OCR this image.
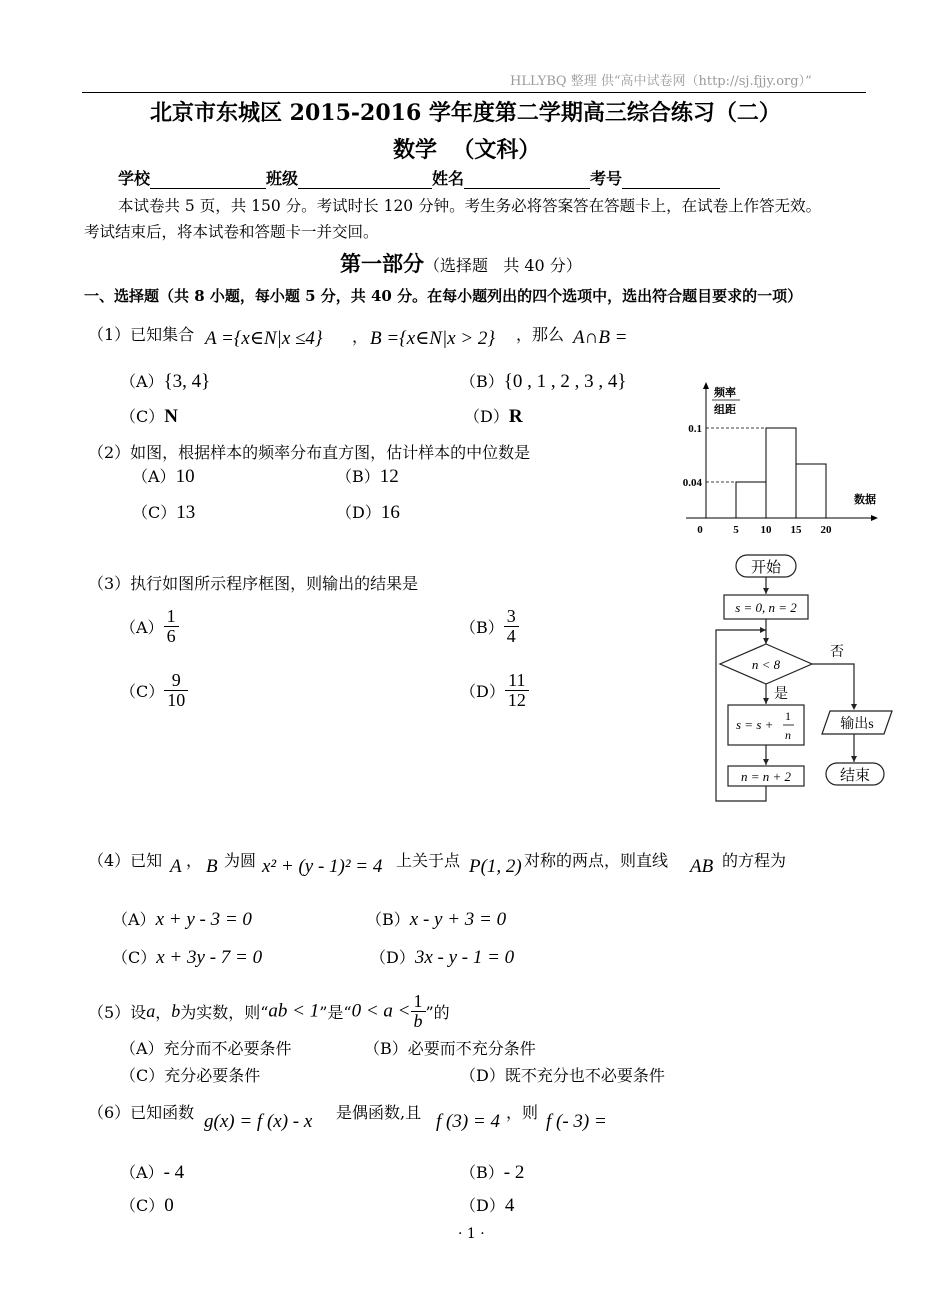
HLLYBQ 整理 供“高中试卷网（http://sj.fjjy.org）”
北京市东城区 2015-2016 学年度第二学期高三综合练习（二）
数学  （文科）
学校	班级	姓名	考号
本试卷共 5 页，共 150 分。考试时长 120 分钟。考生务必将答案答在答题卡上，在试卷上作答无效。
考试结束后，将本试卷和答题卡一并交回。
第一部分（选择题   共 40 分）
一、选择题（共 8 小题，每小题 5 分，共 40 分。在每小题列出的四个选项中，选出符合题目要求的一项）
（1）已知集合 A ={x∈N|x ≤4} ， B ={x∈N|x > 2} ，那么 A∩B =
（A）{3, 4}	（B）{0 , 1 , 2 , 3 , 4}
（C）N	（D）R
（2）如图，根据样本的频率分布直方图，估计样本的中位数是
（A）10	（B）12
（C）13	（D）16
频率
组距
数据
0.04
0.1
0	5 10 15 20
（3）执行如图所示程序框图，则输出的结果是
$(A) \frac{1}{6}$	$(B) \frac{3}{4}$
$(C) \frac{9}{10}$	$(D) \frac{11}{12}$
开始
s = 0, n = 2
n < 8
否
是
s = s +
1
n
n = n + 2
输出s
结束
（4）已知 A ， B 为圆 x² + (y - 1)² = 4 上关于点 P(1, 2) 对称的两点，则直线 AB 的方程为
（A）x + y - 3 = 0	（B）x - y + 3 = 0
（C）x + 3y - 7 = 0	（D）3x - y - 1 = 0
（5）设a，b为实数，则“ab < 1”是“$0 < a < \frac{1}{b}$ ”的
（A）充分而不必要条件	（B）必要而不充分条件
（C）充分必要条件	（D）既不充分也不必要条件
（6）已知函数 g(x) = f (x) - x 是偶函数,且 f (3) = 4 ，则 f (- 3) =
（A）- 4	（B）- 2
（C）0	（D）4
· 1 ·
